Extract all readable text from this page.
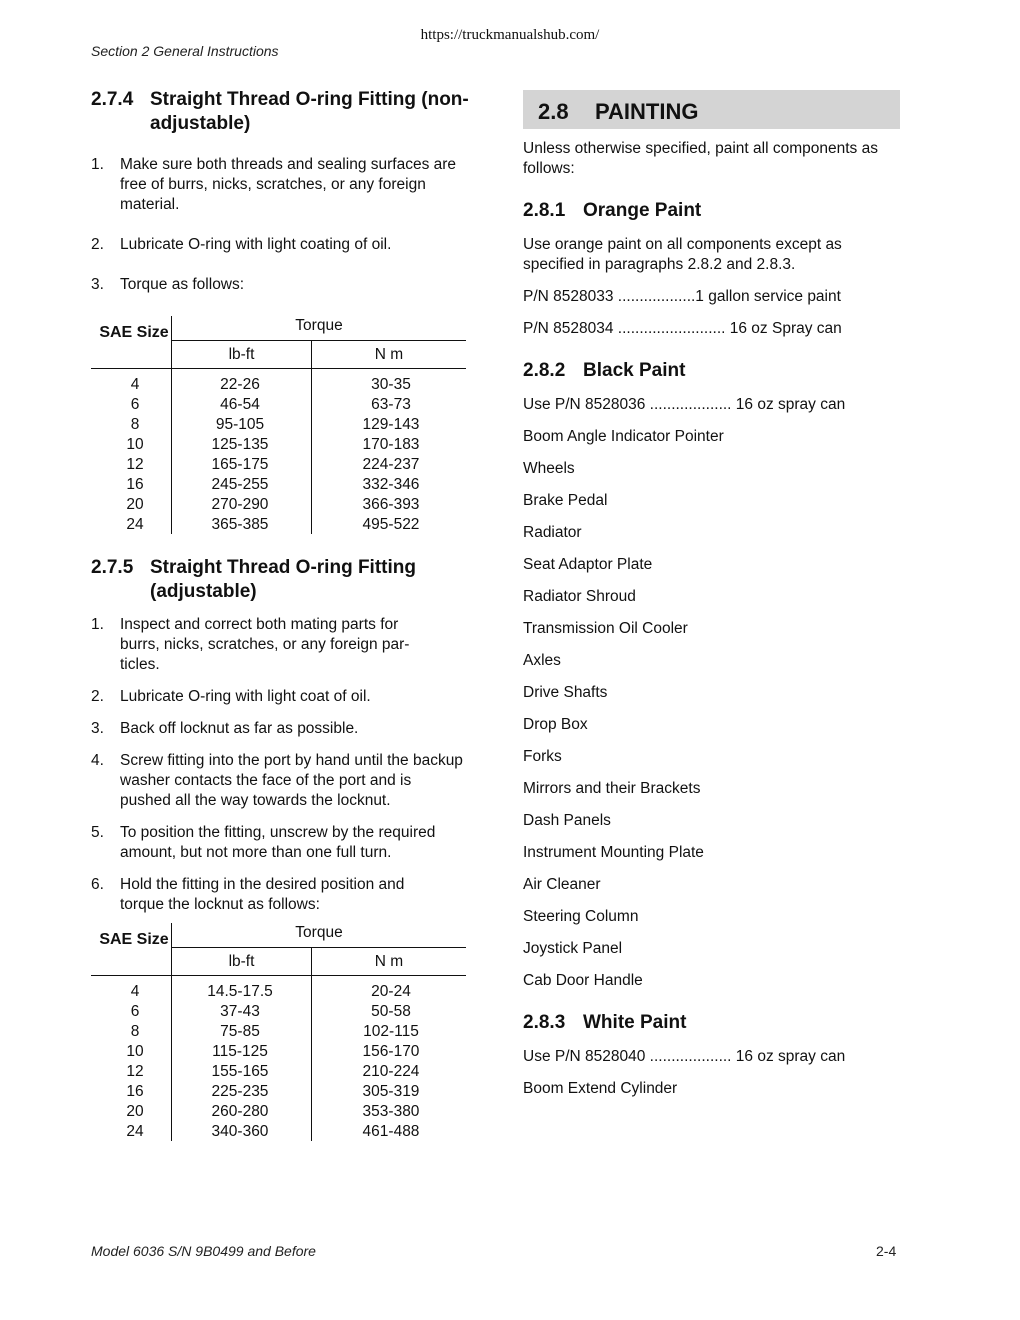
https://truckmanualshub.com/
Section 2 General Instructions
Model 6036 S/N 9B0499 and Before	2-4
2.7.4 Straight Thread O-ring Fitting (non-adjustable)
1. Make sure both threads and sealing surfaces are free of burrs, nicks, scratches, or any foreign material.
2. Lubricate O-ring with light coating of oil.
3. Torque as follows:
SAE Size	Torque
lb-ft	N m
4	22-26	30-35
6	46-54	63-73
8	95-105	129-143
10	125-135	170-183
12	165-175	224-237
16	245-255	332-346
20	270-290	366-393
24	365-385	495-522
2.7.5 Straight Thread O-ring Fitting (adjustable)
1. Inspect and correct both mating parts for burrs, nicks, scratches, or any foreign par-ticles.
2. Lubricate O-ring with light coat of oil.
3. Back off locknut as far as possible.
4. Screw fitting into the port by hand until the backup washer contacts the face of the port and is pushed all the way towards the locknut.
5. To position the fitting, unscrew by the required amount, but not more than one full turn.
6. Hold the fitting in the desired position and torque the locknut as follows:
SAE Size	Torque
lb-ft	N m
4	14.5-17.5	20-24
6	37-43	50-58
8	75-85	102-115
10	115-125	156-170
12	155-165	210-224
16	225-235	305-319
20	260-280	353-380
24	340-360	461-488
2.8 PAINTING
Unless otherwise specified, paint all components as follows:
2.8.1 Orange Paint
Use orange paint on all components except as specified in paragraphs 2.8.2 and 2.8.3.
P/N 8528033 ..................1 gallon service paint
P/N 8528034 ......................... 16 oz Spray can
2.8.2 Black Paint
Use P/N 8528036 ................... 16 oz spray can
Boom Angle Indicator Pointer
Wheels
Brake Pedal
Radiator
Seat Adaptor Plate
Radiator Shroud
Transmission Oil Cooler
Axles
Drive Shafts
Drop Box
Forks
Mirrors and their Brackets
Dash Panels
Instrument Mounting Plate
Air Cleaner
Steering Column
Joystick Panel
Cab Door Handle
2.8.3 White Paint
Use P/N 8528040 ................... 16 oz spray can
Boom Extend Cylinder
